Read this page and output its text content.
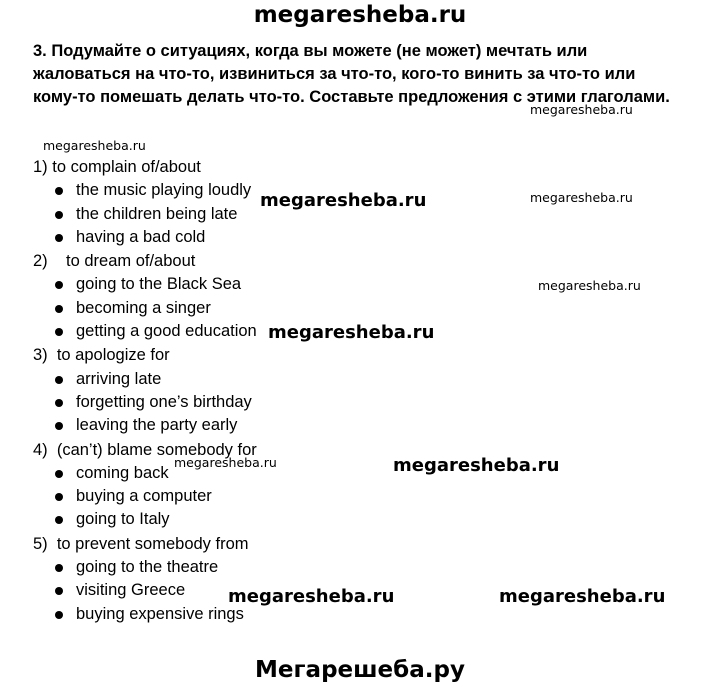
megaresheba.ru
3. Подумайте о ситуациях, когда вы можете (не может) мечтать или жаловаться на что-то, извиниться за что-то, кого-то винить за что-то или кому-то помешать делать что-то. Составьте предложения с этими глаголами.
megaresheba.ru
megaresheba.ru
megaresheba.ru
megaresheba.ru
megaresheba.ru
1) to complain of/about
the music playing loudly
the children being late
having a bad cold
2)    to dream of/about
going to the Black Sea
becoming a singer
getting a good education
3)  to apologize for
arriving late
forgetting one’s birthday
leaving the party early
4)  (can’t) blame somebody for
coming back
buying a computer
going to Italy
5)  to prevent somebody from
going to the theatre
visiting Greece
buying expensive rings
megaresheba.ru
megaresheba.ru
megaresheba.ru
megaresheba.ru	megaresheba.ru
Мегарешеба.ру
